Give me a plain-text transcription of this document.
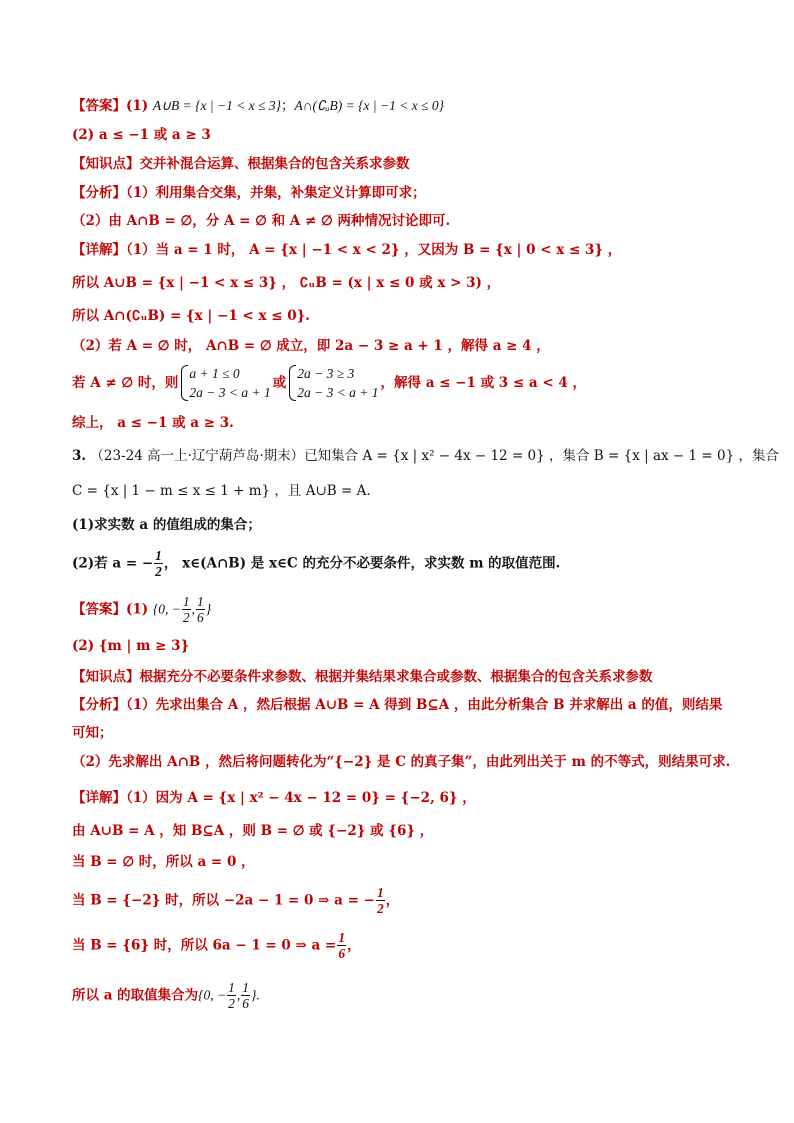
【答案】(1) A∪B = {x | −1 < x ≤ 3}；A∩(∁ᵤB) = {x | −1 < x ≤ 0}
(2) a ≤ −1 或 a ≥ 3
【知识点】交并补混合运算、根据集合的包含关系求参数
【分析】（1）利用集合交集，并集，补集定义计算即可求；
（2）由 A∩B = ∅，分 A = ∅ 和 A ≠ ∅ 两种情况讨论即可.
【详解】（1）当 a = 1 时， A = {x | −1 < x < 2} ，又因为 B = {x | 0 < x ≤ 3} ，
所以 A∪B = {x | −1 < x ≤ 3} ， ∁ᵤB = (x | x ≤ 0 或 x > 3) ，
所以 A∩(∁ᵤB) = {x | −1 < x ≤ 0}.
（2）若 A = ∅ 时， A∩B = ∅ 成立，即 2a − 3 ≥ a + 1 ，解得 a ≥ 4 ，
若 A ≠ ∅ 时，则
a + 1 ≤ 0
2a − 3 < a + 1
或
2a − 3 ≥ 3
2a − 3 < a + 1
，解得 a ≤ −1 或 3 ≤ a < 4 ，
综上， a ≤ −1 或 a ≥ 3.
3. （23-24 高一上·辽宁葫芦岛·期末）已知集合 A = {x | x² − 4x − 12 = 0} ，集合 B = {x | ax − 1 = 0} ，集合
C = {x | 1 − m ≤ x ≤ 1 + m} ，且 A∪B = A.
(1)求实数 a 的值组成的集合；
(2)若 a = − $\frac{1}{2}$ ， x∈(A∩B) 是 x∈C 的充分不必要条件，求实数 m 的取值范围.
【答案】(1) {0, − $\frac{1}{2}$ , $\frac{1}{6}$ }
(2) {m | m ≥ 3}
【知识点】根据充分不必要条件求参数、根据并集结果求集合或参数、根据集合的包含关系求参数
【分析】（1）先求出集合 A ，然后根据 A∪B = A 得到 B⊆A ，由此分析集合 B 并求解出 a 的值，则结果
可知；
（2）先求解出 A∩B ，然后将问题转化为“{−2} 是 C 的真子集”，由此列出关于 m 的不等式，则结果可求.
【详解】（1）因为 A = {x | x² − 4x − 12 = 0} = {−2, 6} ，
由 A∪B = A ，知 B⊆A ，则 B = ∅ 或 {−2} 或 {6} ，
当 B = ∅ 时，所以 a = 0 ，
当 B = {−2} 时，所以 −2a − 1 = 0 ⇒ a = − $\frac{1}{2}$ ，
当 B = {6} 时，所以 6a − 1 = 0 ⇒ $a = \frac{1}{6}$ ，
所以 a 的取值集合为{0, − $\frac{1}{2}$ , $\frac{1}{6}$ }.
